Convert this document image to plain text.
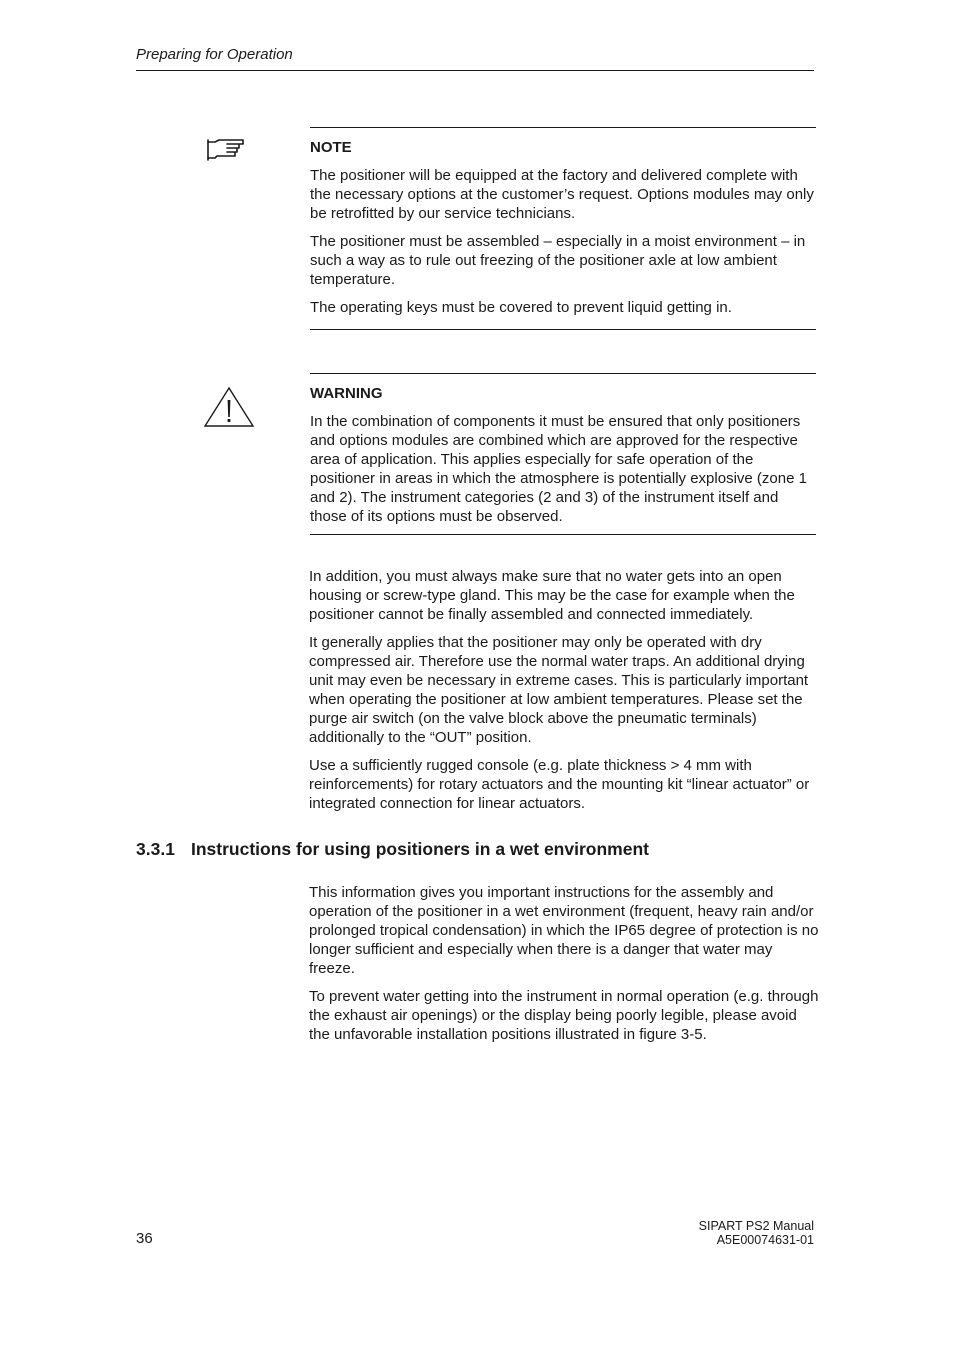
Preparing for Operation
NOTE

The positioner will be equipped at the factory and delivered complete with the necessary options at the customer’s request. Options modules may only be retrofitted by our service technicians.

The positioner must be assembled – especially in a moist environment – in such a way as to rule out freezing of the positioner axle at low ambient temperature.

The operating keys must be covered to prevent liquid getting in.

WARNING

In the combination of components it must be ensured that only positioners and options modules are combined which are approved for the respective area of application. This applies especially for safe operation of the positioner in areas in which the atmosphere is potentially explosive (zone 1 and 2). The instrument categories (2 and 3) of the instrument itself and those of its options must be observed.

In addition, you must always make sure that no water gets into an open housing or screw-type gland. This may be the case for example when the positioner cannot be finally assembled and connected immediately.

It generally applies that the positioner may only be operated with dry compressed air. Therefore use the normal water traps. An additional drying unit may even be necessary in extreme cases. This is particularly important when operating the positioner at low ambient temperatures. Please set the purge air switch (on the valve block above the pneumatic terminals) additionally to the “OUT” position.

Use a sufficiently rugged console (e.g. plate thickness > 4 mm with reinforcements) for rotary actuators and the mounting kit “linear actuator” or integrated connection for linear actuators.

3.3.1 Instructions for using positioners in a wet environment

This information gives you important instructions for the assembly and operation of the positioner in a wet environment (frequent, heavy rain and/or prolonged tropical condensation) in which the IP65 degree of protection is no longer sufficient and especially when there is a danger that water may freeze.

To prevent water getting into the instrument in normal operation (e.g. through the exhaust air openings) or the display being poorly legible, please avoid the unfavorable installation positions illustrated in figure 3-5.

36
SIPART PS2 Manual
A5E00074631-01
